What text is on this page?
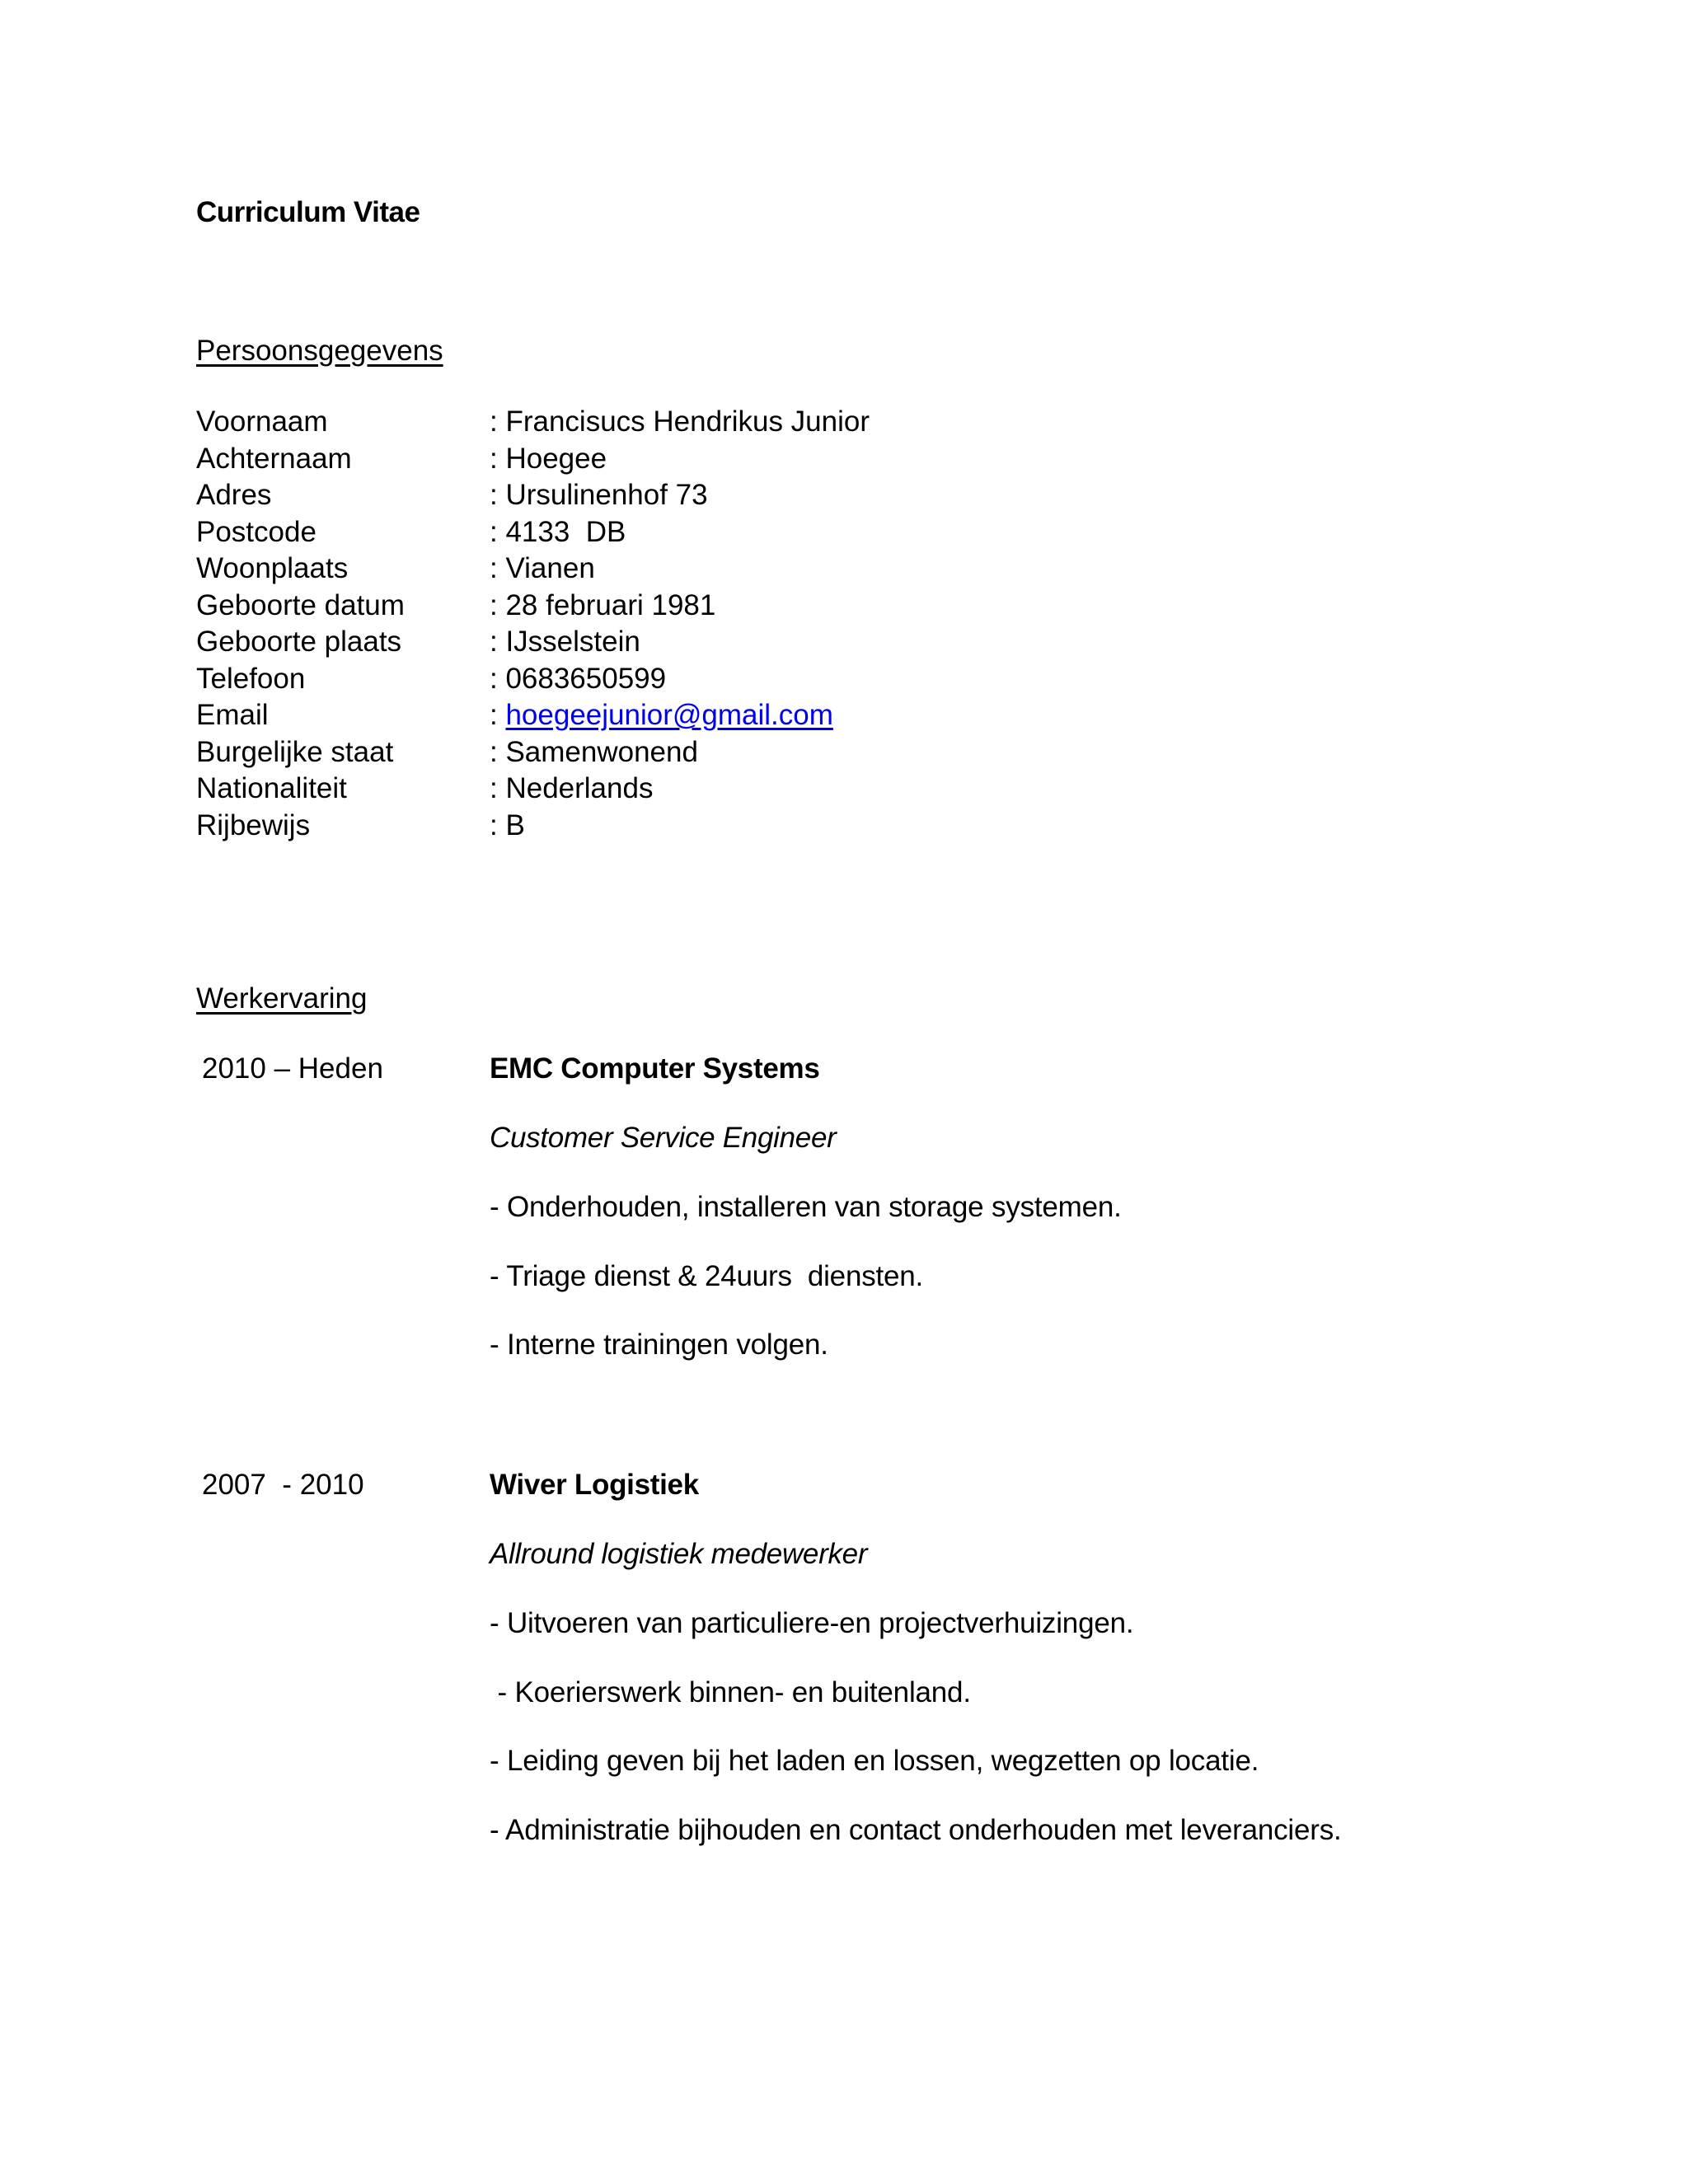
Curriculum Vitae
Persoonsgegevens
Voornaam	: Francisucs Hendrikus Junior
Achternaam	: Hoegee
Adres	: Ursulinenhof 73
Postcode	: 4133  DB
Woonplaats	: Vianen
Geboorte datum	: 28 februari 1981
Geboorte plaats	: IJsselstein
Telefoon	: 0683650599
Email	: hoegeejunior@gmail.com
Burgelijke staat	: Samenwonend
Nationaliteit	: Nederlands
Rijbewijs	: B
Werkervaring
2010 – Heden	EMC Computer Systems
Customer Service Engineer
- Onderhouden, installeren van storage systemen.
- Triage dienst & 24uurs  diensten.
- Interne trainingen volgen.
2007  - 2010	Wiver Logistiek
Allround logistiek medewerker
- Uitvoeren van particuliere-en projectverhuizingen.
- Koerierswerk binnen- en buitenland.
- Leiding geven bij het laden en lossen, wegzetten op locatie.
- Administratie bijhouden en contact onderhouden met leveranciers.
